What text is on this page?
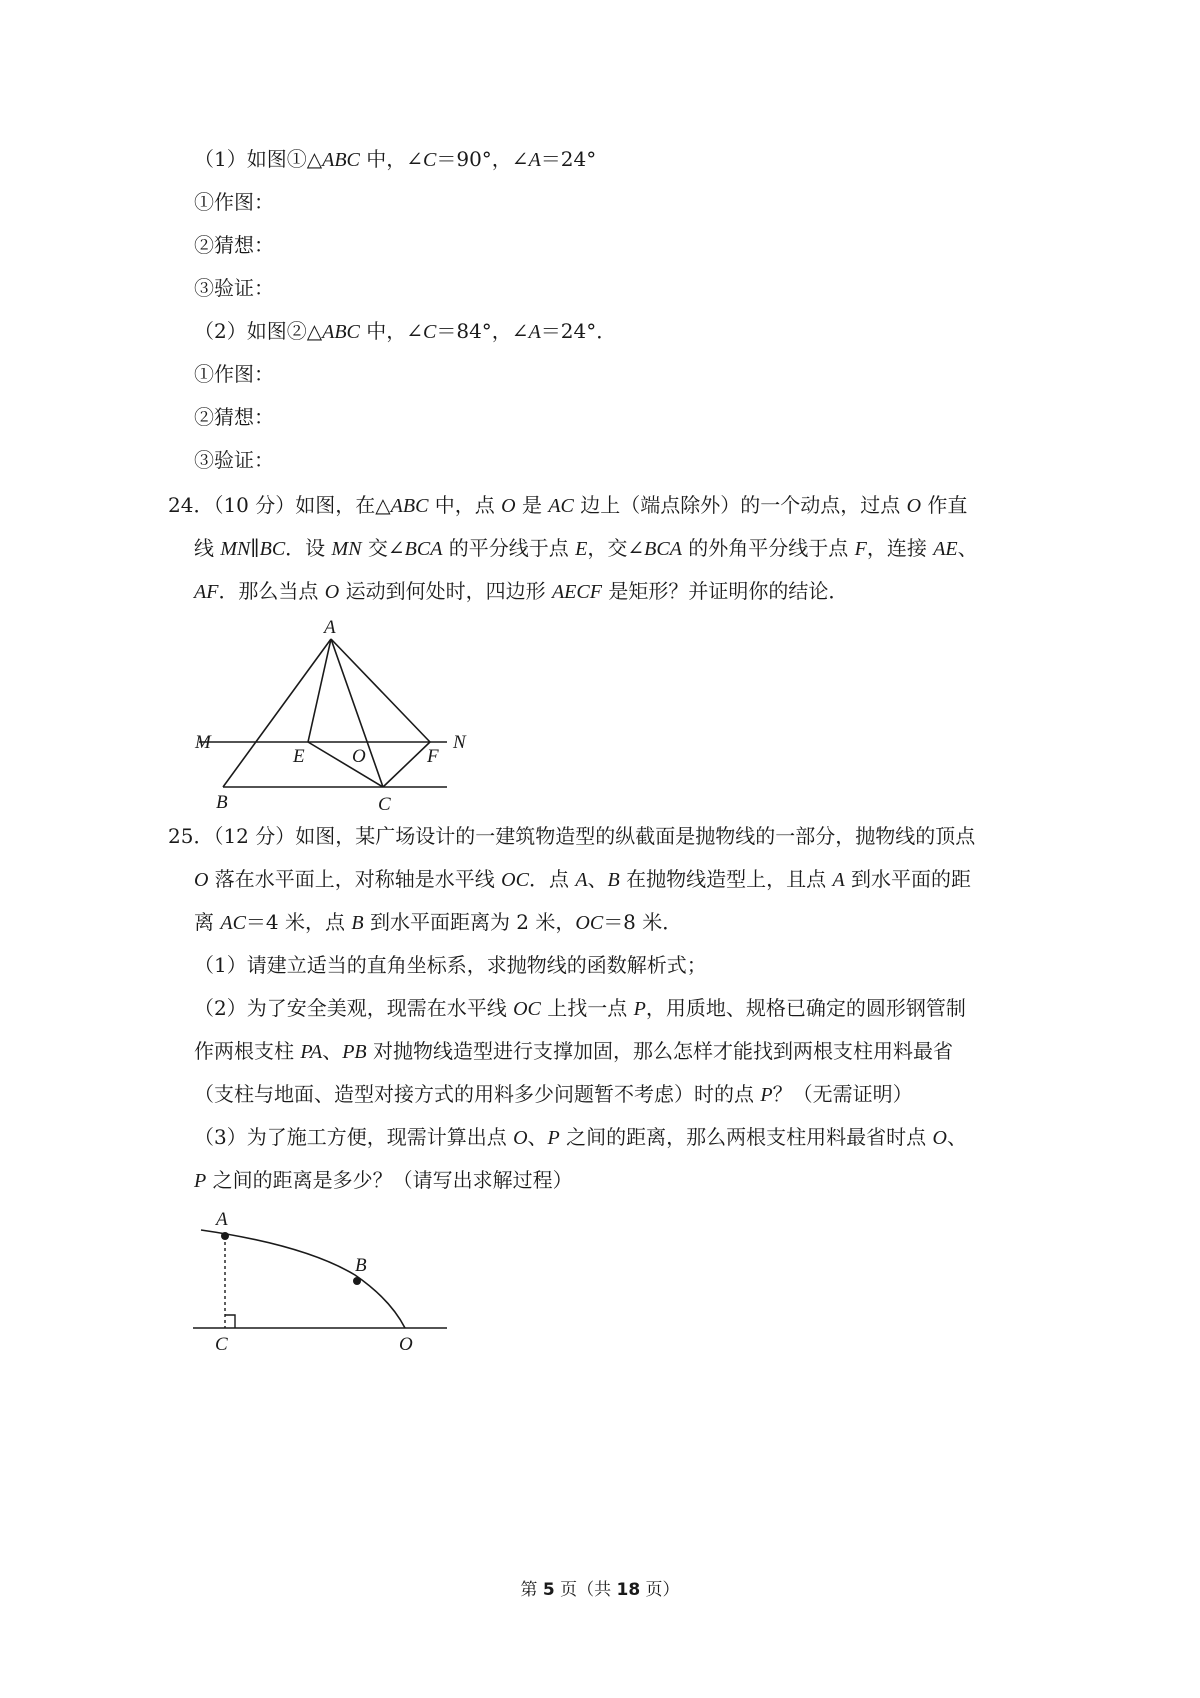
（1）如图①△ABC 中，∠C＝90°，∠A＝24°
①作图：
②猜想：
③验证：
（2）如图②△ABC 中，∠C＝84°，∠A＝24°．
①作图：
②猜想：
③验证：
24．（10 分）如图，在△ABC 中，点 O 是 AC 边上（端点除外）的一个动点，过点 O 作直
线 MN∥BC．设 MN 交∠BCA 的平分线于点 E，交∠BCA 的外角平分线于点 F，连接 AE、
AF．那么当点 O 运动到何处时，四边形 AECF 是矩形？并证明你的结论．
A
M	N
E O	F
B	C
25．（12 分）如图，某广场设计的一建筑物造型的纵截面是抛物线的一部分，抛物线的顶点
O 落在水平面上，对称轴是水平线 OC．点 A、B 在抛物线造型上，且点 A 到水平面的距
离 AC＝4 米，点 B 到水平面距离为 2 米，OC＝8 米．
（1）请建立适当的直角坐标系，求抛物线的函数解析式；
（2）为了安全美观，现需在水平线 OC 上找一点 P，用质地、规格已确定的圆形钢管制
作两根支柱 PA、PB 对抛物线造型进行支撑加固，那么怎样才能找到两根支柱用料最省
（支柱与地面、造型对接方式的用料多少问题暂不考虑）时的点 P？（无需证明）
（3）为了施工方便，现需计算出点 O、P 之间的距离，那么两根支柱用料最省时点 O、
P 之间的距离是多少？（请写出求解过程）
A
B
C	O
第 5 页（共 18 页）
